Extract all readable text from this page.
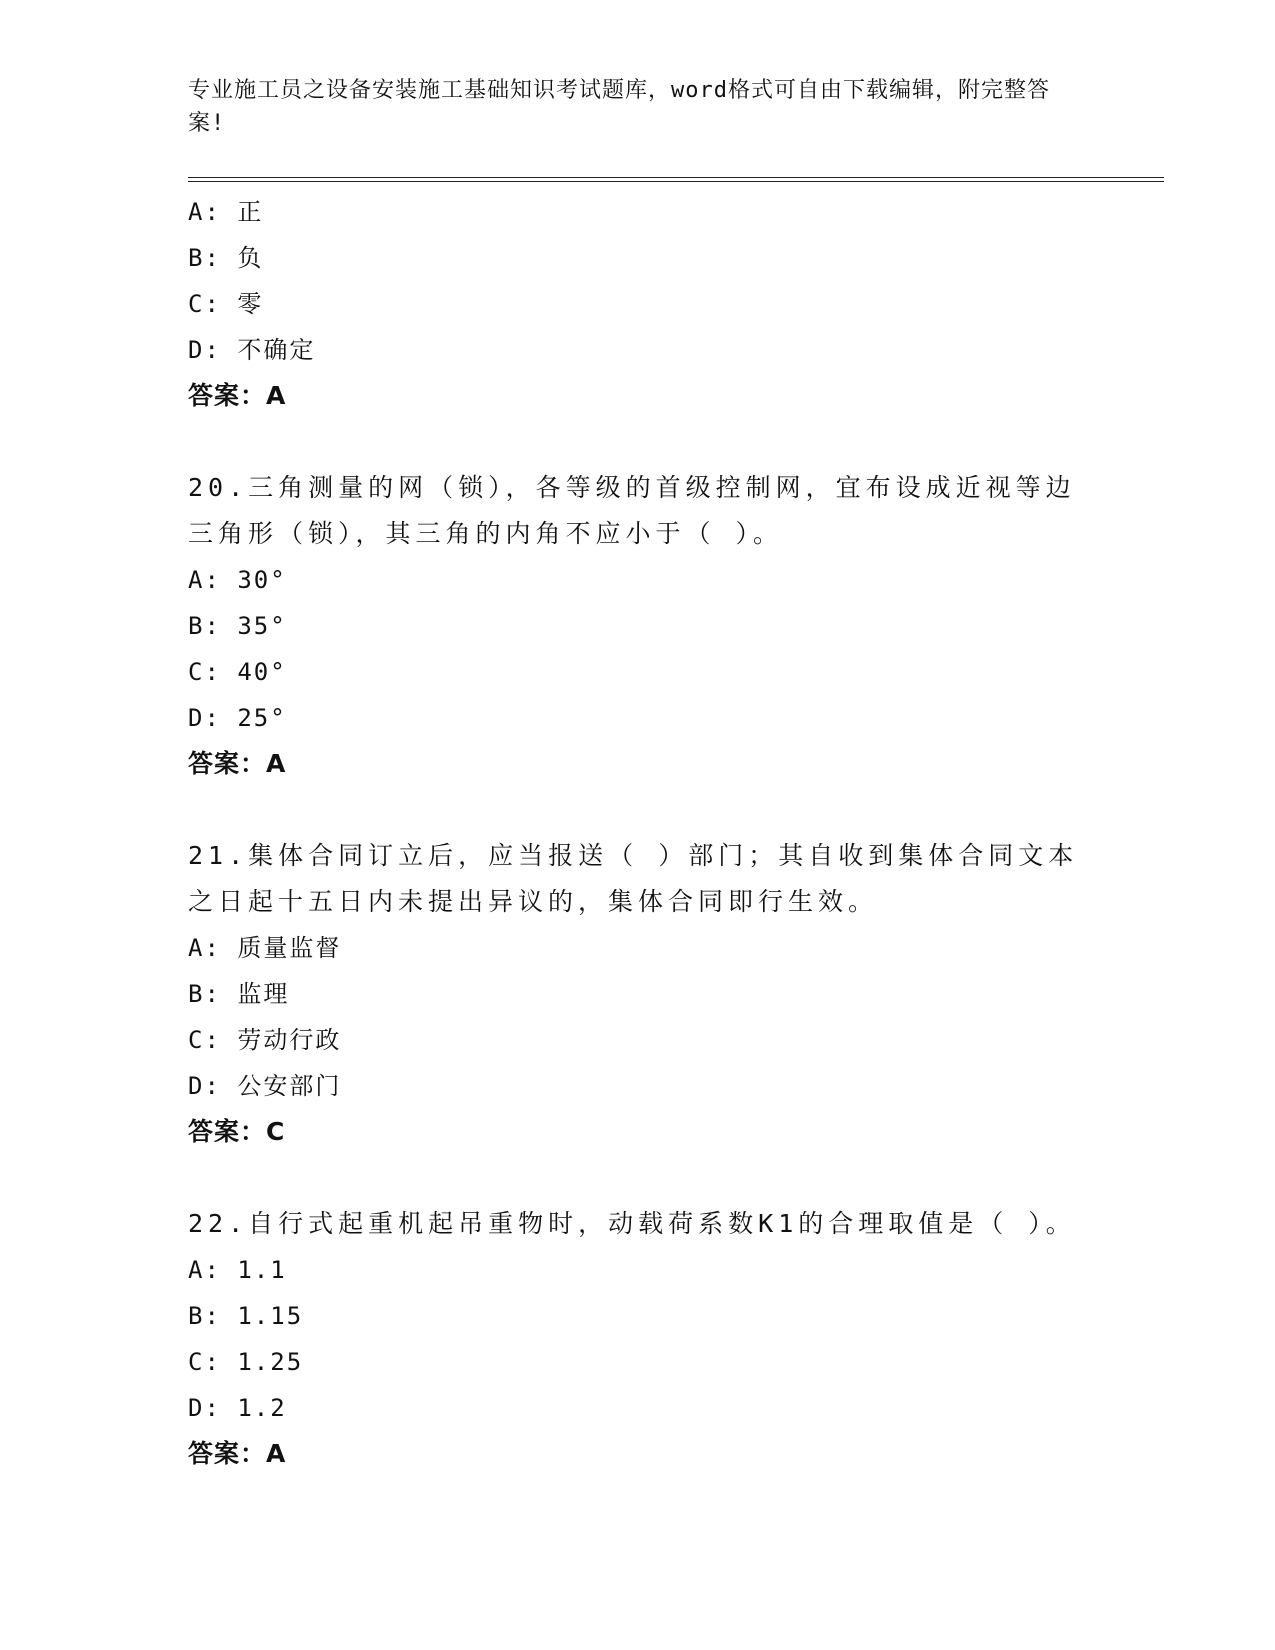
专业施工员之设备安装施工基础知识考试题库，word格式可自由下载编辑，附完整答案!
A: 正
B: 负
C: 零
D: 不确定
答案：A
20.三角测量的网（锁），各等级的首级控制网，宜布设成近视等边三角形（锁），其三角的内角不应小于（ ）。
A: 30°
B: 35°
C: 40°
D: 25°
答案：A
21.集体合同订立后，应当报送（ ）部门；其自收到集体合同文本之日起十五日内未提出异议的，集体合同即行生效。
A: 质量监督
B: 监理
C: 劳动行政
D: 公安部门
答案：C
22.自行式起重机起吊重物时，动载荷系数K1的合理取值是（ ）。
A: 1.1
B: 1.15
C: 1.25
D: 1.2
答案：A
